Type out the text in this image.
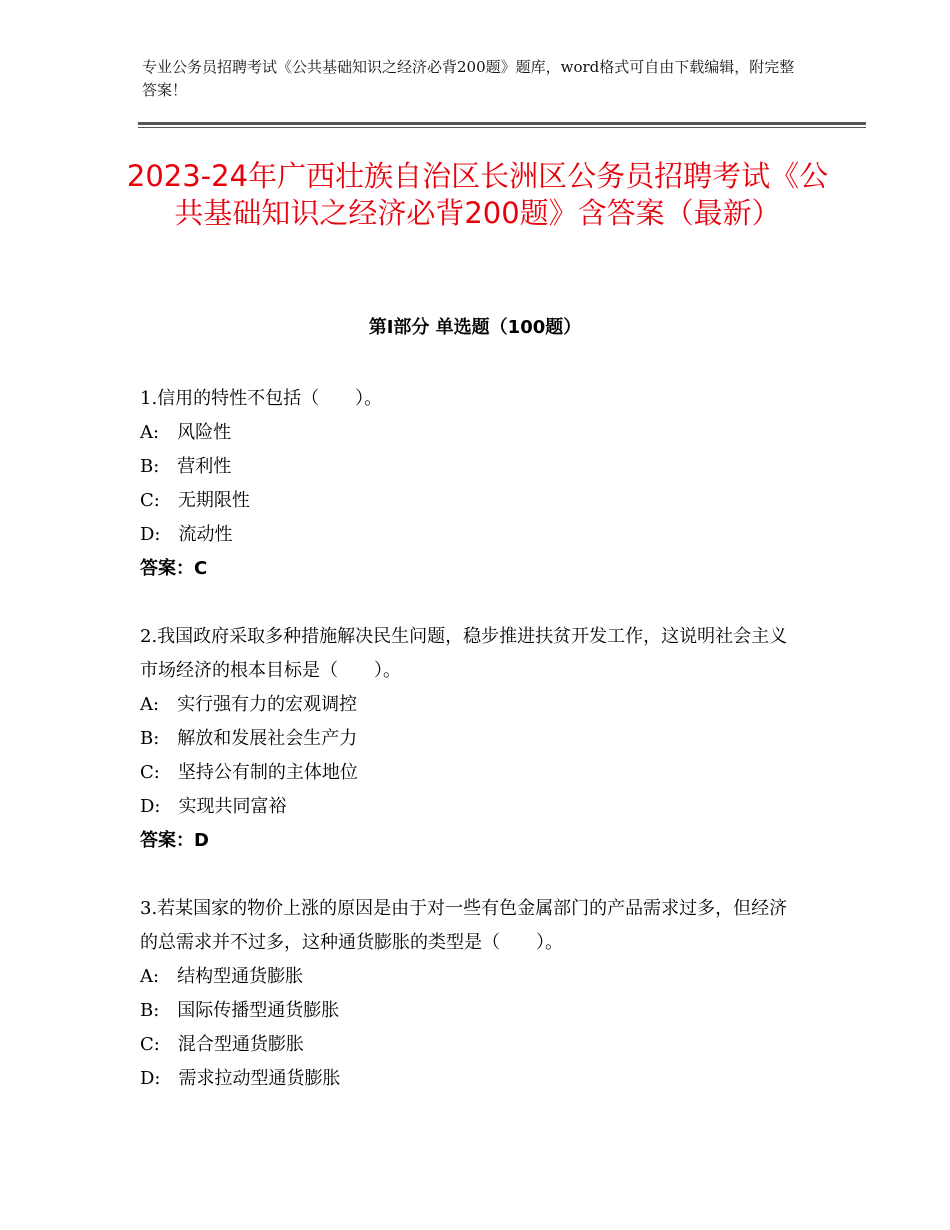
专业公务员招聘考试《公共基础知识之经济必背200题》题库，word格式可自由下载编辑，附完整答案！
2023-24年广西壮族自治区长洲区公务员招聘考试《公共基础知识之经济必背200题》含答案（最新）
第Ⅰ部分 单选题（100题）
1.信用的特性不包括（　　）。
A:　风险性
B:　营利性
C:　无期限性
D:　流动性
答案：C
2.我国政府采取多种措施解决民生问题，稳步推进扶贫开发工作，这说明社会主义市场经济的根本目标是（　　）。
A:　实行强有力的宏观调控
B:　解放和发展社会生产力
C:　坚持公有制的主体地位
D:　实现共同富裕
答案：D
3.若某国家的物价上涨的原因是由于对一些有色金属部门的产品需求过多，但经济的总需求并不过多，这种通货膨胀的类型是（　　）。
A:　结构型通货膨胀
B:　国际传播型通货膨胀
C:　混合型通货膨胀
D:　需求拉动型通货膨胀
